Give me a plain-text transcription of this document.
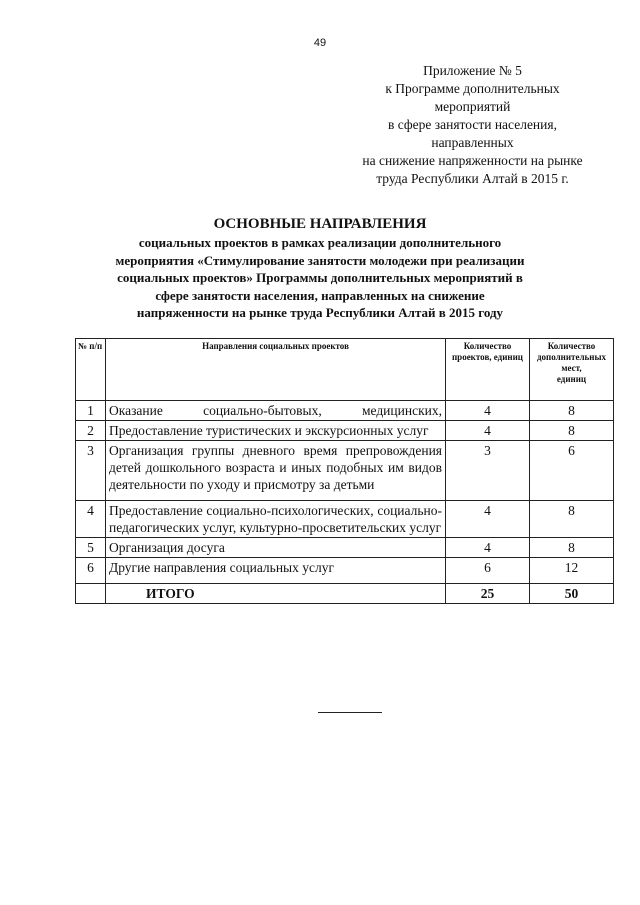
49
Приложение № 5
к Программе дополнительных
мероприятий
в сфере занятости населения,
направленных
на снижение напряженности на рынке
труда Республики Алтай в 2015 г.
ОСНОВНЫЕ НАПРАВЛЕНИЯ
социальных проектов в рамках реализации дополнительного
мероприятия «Стимулирование занятости молодежи при реализации
социальных проектов» Программы дополнительных мероприятий в
сфере занятости населения, направленных на снижение
напряженности на рынке труда Республики Алтай в 2015 году
№ п/п	Направления социальных проектов	Количество проектов, единиц	Количество дополнительных мест,
единиц
1	Оказание социально-бытовых, медицинских,	4	8
2	Предоставление туристических и экскурсионных услуг	4	8
3	Организация группы дневного время препровождения детей дошкольного возраста и иных подобных им видов деятельности по уходу и присмотру за детьми	3	6
4	Предоставление социально-психологических, социально-педагогических услуг, культурно-просветительских услуг	4	8
5	Организация досуга	4	8
6	Другие направления социальных услуг	6	12
	ИТОГО	25	50
